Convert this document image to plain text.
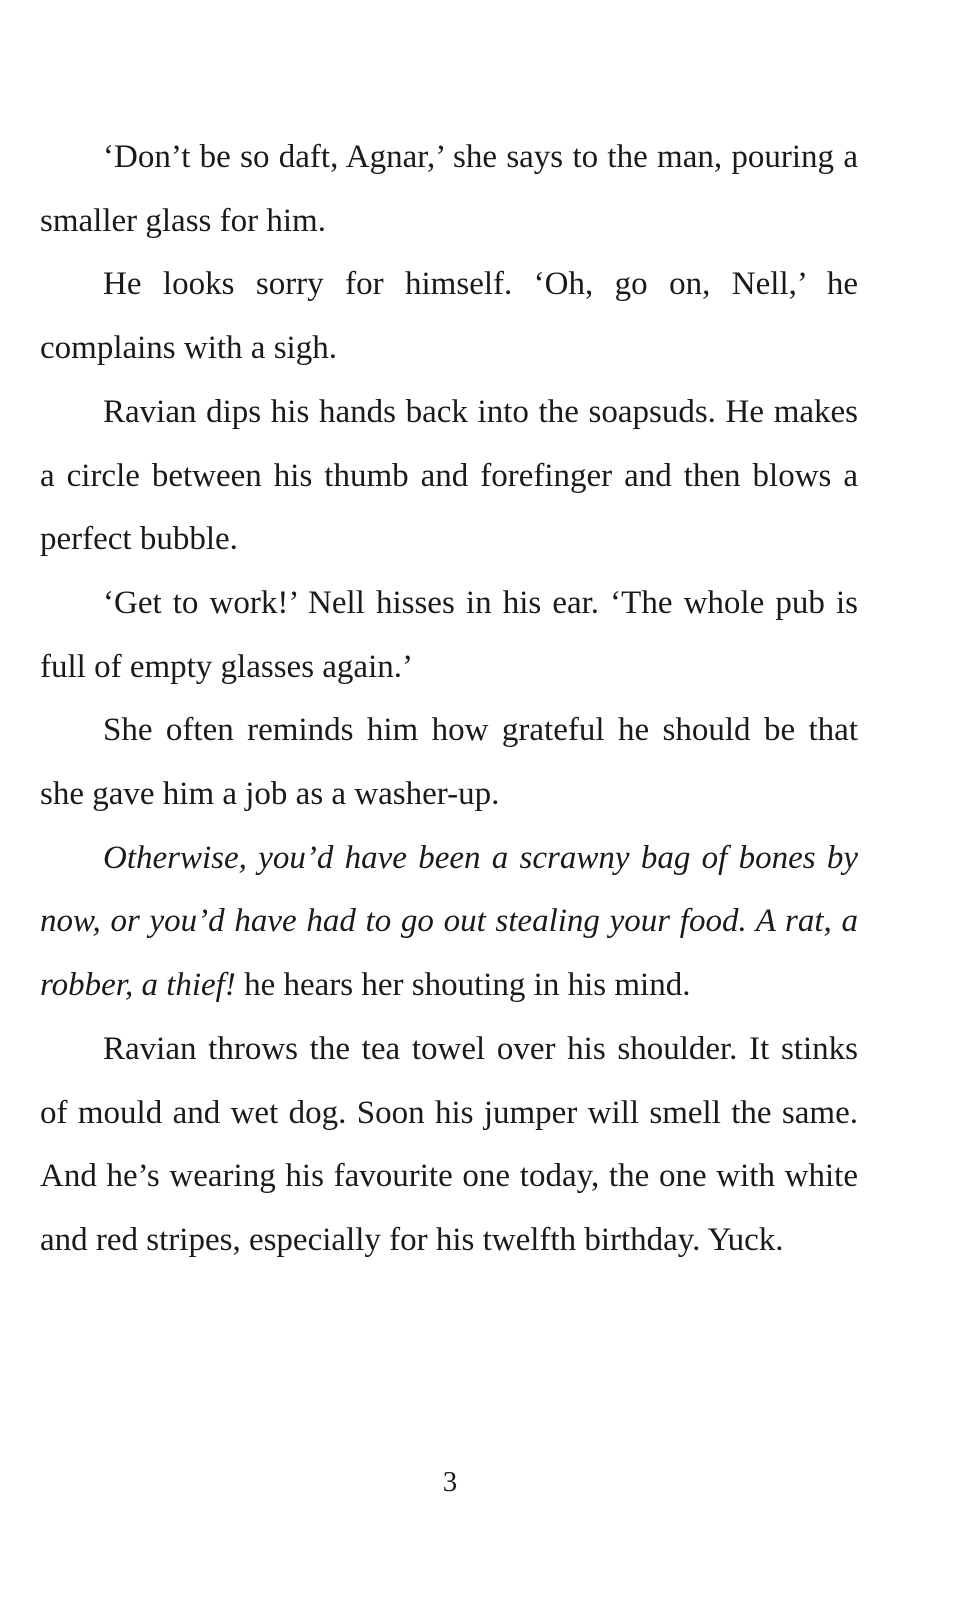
‘Don’t be so daft, Agnar,’ she says to the man, pouring a smaller glass for him.

He looks sorry for himself. ‘Oh, go on, Nell,’ he complains with a sigh.

Ravian dips his hands back into the soapsuds. He makes a circle between his thumb and forefinger and then blows a perfect bubble.

‘Get to work!’ Nell hisses in his ear. ‘The whole pub is full of empty glasses again.’

She often reminds him how grateful he should be that she gave him a job as a washer-up.

Otherwise, you’d have been a scrawny bag of bones by now, or you’d have had to go out stealing your food. A rat, a robber, a thief! he hears her shouting in his mind.

Ravian throws the tea towel over his shoulder. It stinks of mould and wet dog. Soon his jumper will smell the same. And he’s wearing his favourite one today, the one with white and red stripes, especially for his twelfth birthday. Yuck.

3
